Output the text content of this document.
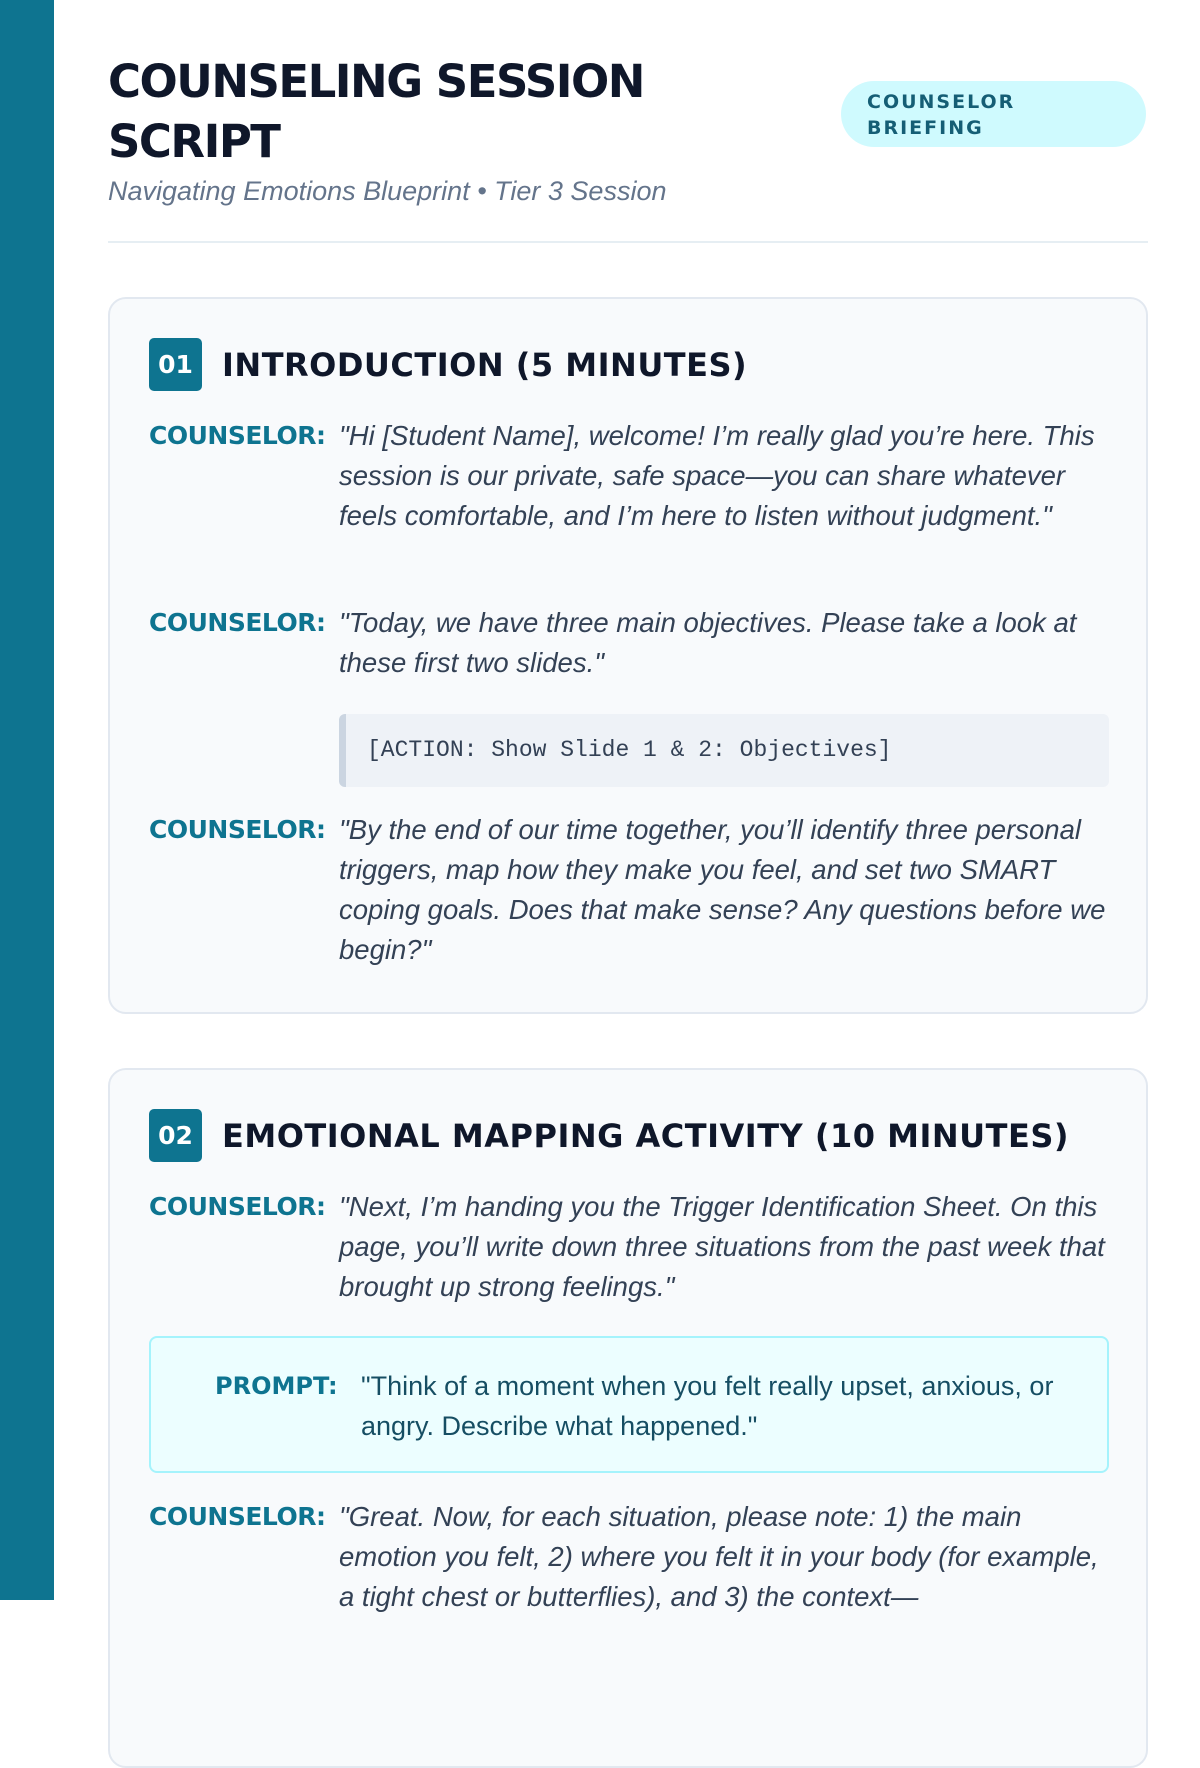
COUNSELING SESSION SCRIPT
Navigating Emotions Blueprint • Tier 3 Session
COUNSELOR BRIEFING
01 INTRODUCTION (5 MINUTES)
COUNSELOR: "Hi [Student Name], welcome! I’m really glad you’re here. This session is our private, safe space—you can share whatever feels comfortable, and I’m here to listen without judgment."
COUNSELOR: "Today, we have three main objectives. Please take a look at these first two slides."
[ACTION: Show Slide 1 & 2: Objectives]
COUNSELOR: "By the end of our time together, you’ll identify three personal triggers, map how they make you feel, and set two SMART coping goals. Does that make sense? Any questions before we begin?"
02 EMOTIONAL MAPPING ACTIVITY (10 MINUTES)
COUNSELOR: "Next, I’m handing you the Trigger Identification Sheet. On this page, you’ll write down three situations from the past week that brought up strong feelings."
PROMPT: "Think of a moment when you felt really upset, anxious, or angry. Describe what happened."
COUNSELOR: "Great. Now, for each situation, please note: 1) the main emotion you felt, 2) where you felt it in your body (for example, a tight chest or butterflies), and 3) the context—
